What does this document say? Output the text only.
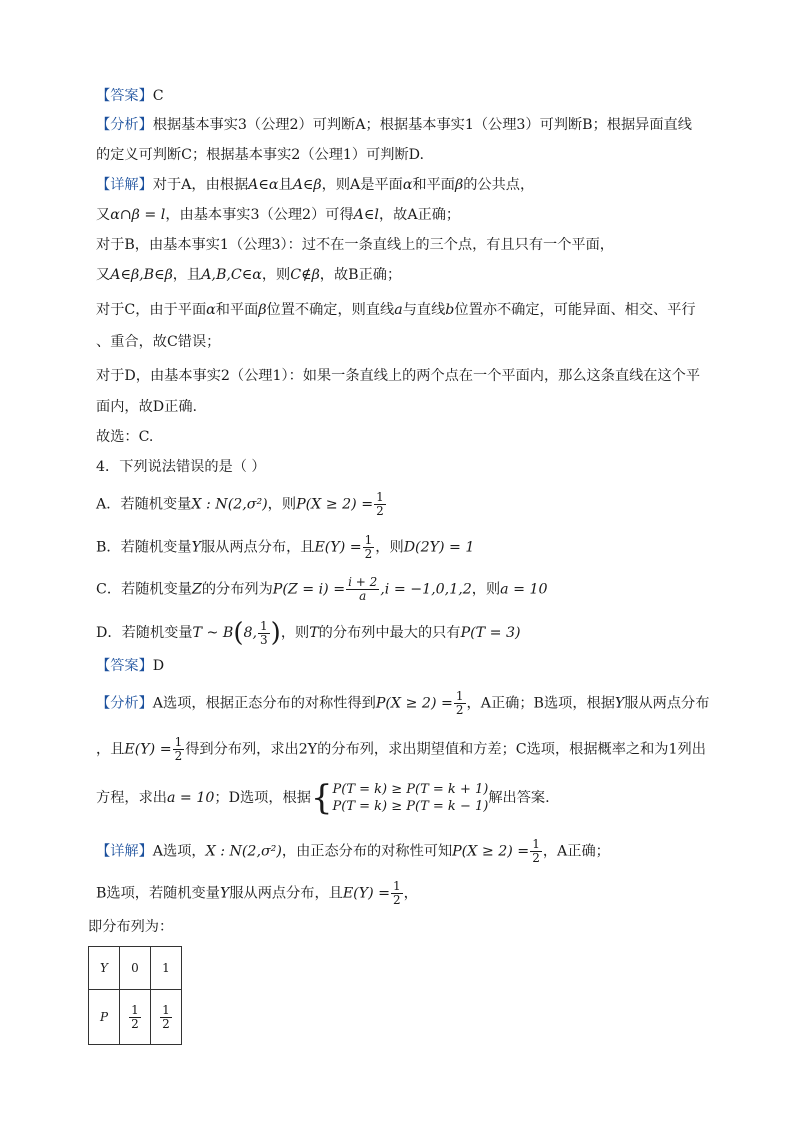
【答案】C
【分析】根据基本事实3（公理2）可判断A；根据基本事实1（公理3）可判断B；根据异面直线
的定义可判断C；根据基本事实2（公理1）可判断D.
【详解】对于A，由根据A∈α且A∈β，则A是平面α和平面β的公共点，
又α∩β = l，由基本事实3（公理2）可得A∈l，故A正确；
对于B，由基本事实1（公理3）：过不在一条直线上的三个点，有且只有一个平面，
又A∈β,B∈β，且A,B,C∈α，则C∉β，故B正确；
对于C，由于平面α和平面β位置不确定，则直线a与直线b位置亦不确定，可能异面、相交、平行
、重合，故C错误；
对于D，由基本事实2（公理1）：如果一条直线上的两个点在一个平面内，那么这条直线在这个平
面内，故D正确.
故选：C.
4．下列说法错误的是（ ）
A．若随机变量X : N(2,σ²)，则$P(X \ge 2) = \frac{1}{2}$
B．若随机变量Y服从两点分布，且$E(Y) = \frac{1}{2}$ ，则D(2Y) = 1
C．若随机变量Z的分布列为$P(Z = i) = \frac{i + 2}{a} ,i = -1,0,1,2$，则a = 10
D．若随机变量T ~ B(8, $\frac{1}{3}$ )，则T的分布列中最大的只有P(T = 3)
【答案】D
【分析】A选项，根据正态分布的对称性得到$P(X \ge 2) = \frac{1}{2}$ ，A正确；B选项，根据Y服从两点分布
，且$E(Y) = \frac{1}{2}$ 得到分布列，求出2Y的分布列，求出期望值和方差；C选项，根据概率之和为1列出
方程，求出a = 10；D选项，根据{ P(T = k) ≥ P(T = k + 1)
P(T = k) ≥ P(T = k − 1)
解出答案.
【详解】A选项，X : N(2,σ²)，由正态分布的对称性可知$P(X \ge 2) = \frac{1}{2}$ ，A正确；
B选项，若随机变量Y服从两点分布，且$E(Y) = \frac{1}{2}$ ，
即分布列为：
Y	0	1
P	$\frac{1}{2}$	$\frac{1}{2}$
